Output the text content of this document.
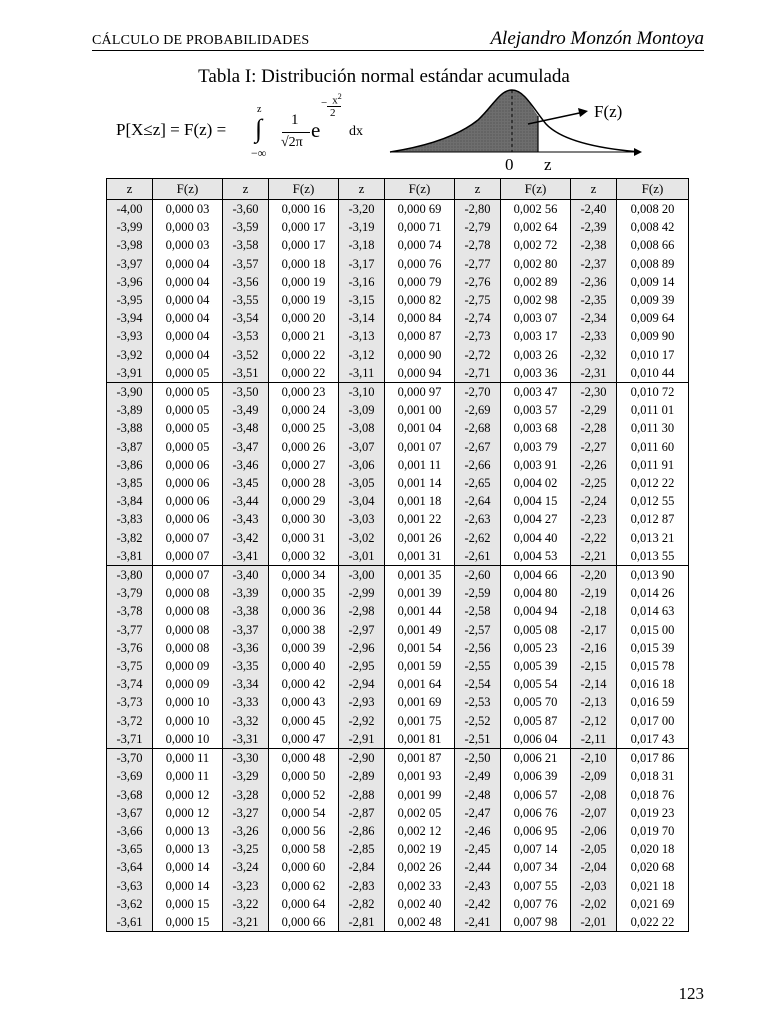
CÁLCULO DE PROBABILIDADES	Alejandro Monzón Montoya
Tabla I: Distribución normal estándar acumulada
P[X≤z] = F(z) =
z
∫
−∞
1
√2π
e
− $x^2$
2
dx
F(z)
0 z
z	F(z)	z	F(z)	z	F(z)	z	F(z)	z	F(z)
-4,00	0,000 03	-3,60	0,000 16	-3,20	0,000 69	-2,80	0,002 56	-2,40	0,008 20
-3,99	0,000 03	-3,59	0,000 17	-3,19	0,000 71	-2,79	0,002 64	-2,39	0,008 42
-3,98	0,000 03	-3,58	0,000 17	-3,18	0,000 74	-2,78	0,002 72	-2,38	0,008 66
-3,97	0,000 04	-3,57	0,000 18	-3,17	0,000 76	-2,77	0,002 80	-2,37	0,008 89
-3,96	0,000 04	-3,56	0,000 19	-3,16	0,000 79	-2,76	0,002 89	-2,36	0,009 14
-3,95	0,000 04	-3,55	0,000 19	-3,15	0,000 82	-2,75	0,002 98	-2,35	0,009 39
-3,94	0,000 04	-3,54	0,000 20	-3,14	0,000 84	-2,74	0,003 07	-2,34	0,009 64
-3,93	0,000 04	-3,53	0,000 21	-3,13	0,000 87	-2,73	0,003 17	-2,33	0,009 90
-3,92	0,000 04	-3,52	0,000 22	-3,12	0,000 90	-2,72	0,003 26	-2,32	0,010 17
-3,91	0,000 05	-3,51	0,000 22	-3,11	0,000 94	-2,71	0,003 36	-2,31	0,010 44
-3,90	0,000 05	-3,50	0,000 23	-3,10	0,000 97	-2,70	0,003 47	-2,30	0,010 72
-3,89	0,000 05	-3,49	0,000 24	-3,09	0,001 00	-2,69	0,003 57	-2,29	0,011 01
-3,88	0,000 05	-3,48	0,000 25	-3,08	0,001 04	-2,68	0,003 68	-2,28	0,011 30
-3,87	0,000 05	-3,47	0,000 26	-3,07	0,001 07	-2,67	0,003 79	-2,27	0,011 60
-3,86	0,000 06	-3,46	0,000 27	-3,06	0,001 11	-2,66	0,003 91	-2,26	0,011 91
-3,85	0,000 06	-3,45	0,000 28	-3,05	0,001 14	-2,65	0,004 02	-2,25	0,012 22
-3,84	0,000 06	-3,44	0,000 29	-3,04	0,001 18	-2,64	0,004 15	-2,24	0,012 55
-3,83	0,000 06	-3,43	0,000 30	-3,03	0,001 22	-2,63	0,004 27	-2,23	0,012 87
-3,82	0,000 07	-3,42	0,000 31	-3,02	0,001 26	-2,62	0,004 40	-2,22	0,013 21
-3,81	0,000 07	-3,41	0,000 32	-3,01	0,001 31	-2,61	0,004 53	-2,21	0,013 55
-3,80	0,000 07	-3,40	0,000 34	-3,00	0,001 35	-2,60	0,004 66	-2,20	0,013 90
-3,79	0,000 08	-3,39	0,000 35	-2,99	0,001 39	-2,59	0,004 80	-2,19	0,014 26
-3,78	0,000 08	-3,38	0,000 36	-2,98	0,001 44	-2,58	0,004 94	-2,18	0,014 63
-3,77	0,000 08	-3,37	0,000 38	-2,97	0,001 49	-2,57	0,005 08	-2,17	0,015 00
-3,76	0,000 08	-3,36	0,000 39	-2,96	0,001 54	-2,56	0,005 23	-2,16	0,015 39
-3,75	0,000 09	-3,35	0,000 40	-2,95	0,001 59	-2,55	0,005 39	-2,15	0,015 78
-3,74	0,000 09	-3,34	0,000 42	-2,94	0,001 64	-2,54	0,005 54	-2,14	0,016 18
-3,73	0,000 10	-3,33	0,000 43	-2,93	0,001 69	-2,53	0,005 70	-2,13	0,016 59
-3,72	0,000 10	-3,32	0,000 45	-2,92	0,001 75	-2,52	0,005 87	-2,12	0,017 00
-3,71	0,000 10	-3,31	0,000 47	-2,91	0,001 81	-2,51	0,006 04	-2,11	0,017 43
-3,70	0,000 11	-3,30	0,000 48	-2,90	0,001 87	-2,50	0,006 21	-2,10	0,017 86
-3,69	0,000 11	-3,29	0,000 50	-2,89	0,001 93	-2,49	0,006 39	-2,09	0,018 31
-3,68	0,000 12	-3,28	0,000 52	-2,88	0,001 99	-2,48	0,006 57	-2,08	0,018 76
-3,67	0,000 12	-3,27	0,000 54	-2,87	0,002 05	-2,47	0,006 76	-2,07	0,019 23
-3,66	0,000 13	-3,26	0,000 56	-2,86	0,002 12	-2,46	0,006 95	-2,06	0,019 70
-3,65	0,000 13	-3,25	0,000 58	-2,85	0,002 19	-2,45	0,007 14	-2,05	0,020 18
-3,64	0,000 14	-3,24	0,000 60	-2,84	0,002 26	-2,44	0,007 34	-2,04	0,020 68
-3,63	0,000 14	-3,23	0,000 62	-2,83	0,002 33	-2,43	0,007 55	-2,03	0,021 18
-3,62	0,000 15	-3,22	0,000 64	-2,82	0,002 40	-2,42	0,007 76	-2,02	0,021 69
-3,61	0,000 15	-3,21	0,000 66	-2,81	0,002 48	-2,41	0,007 98	-2,01	0,022 22
123
